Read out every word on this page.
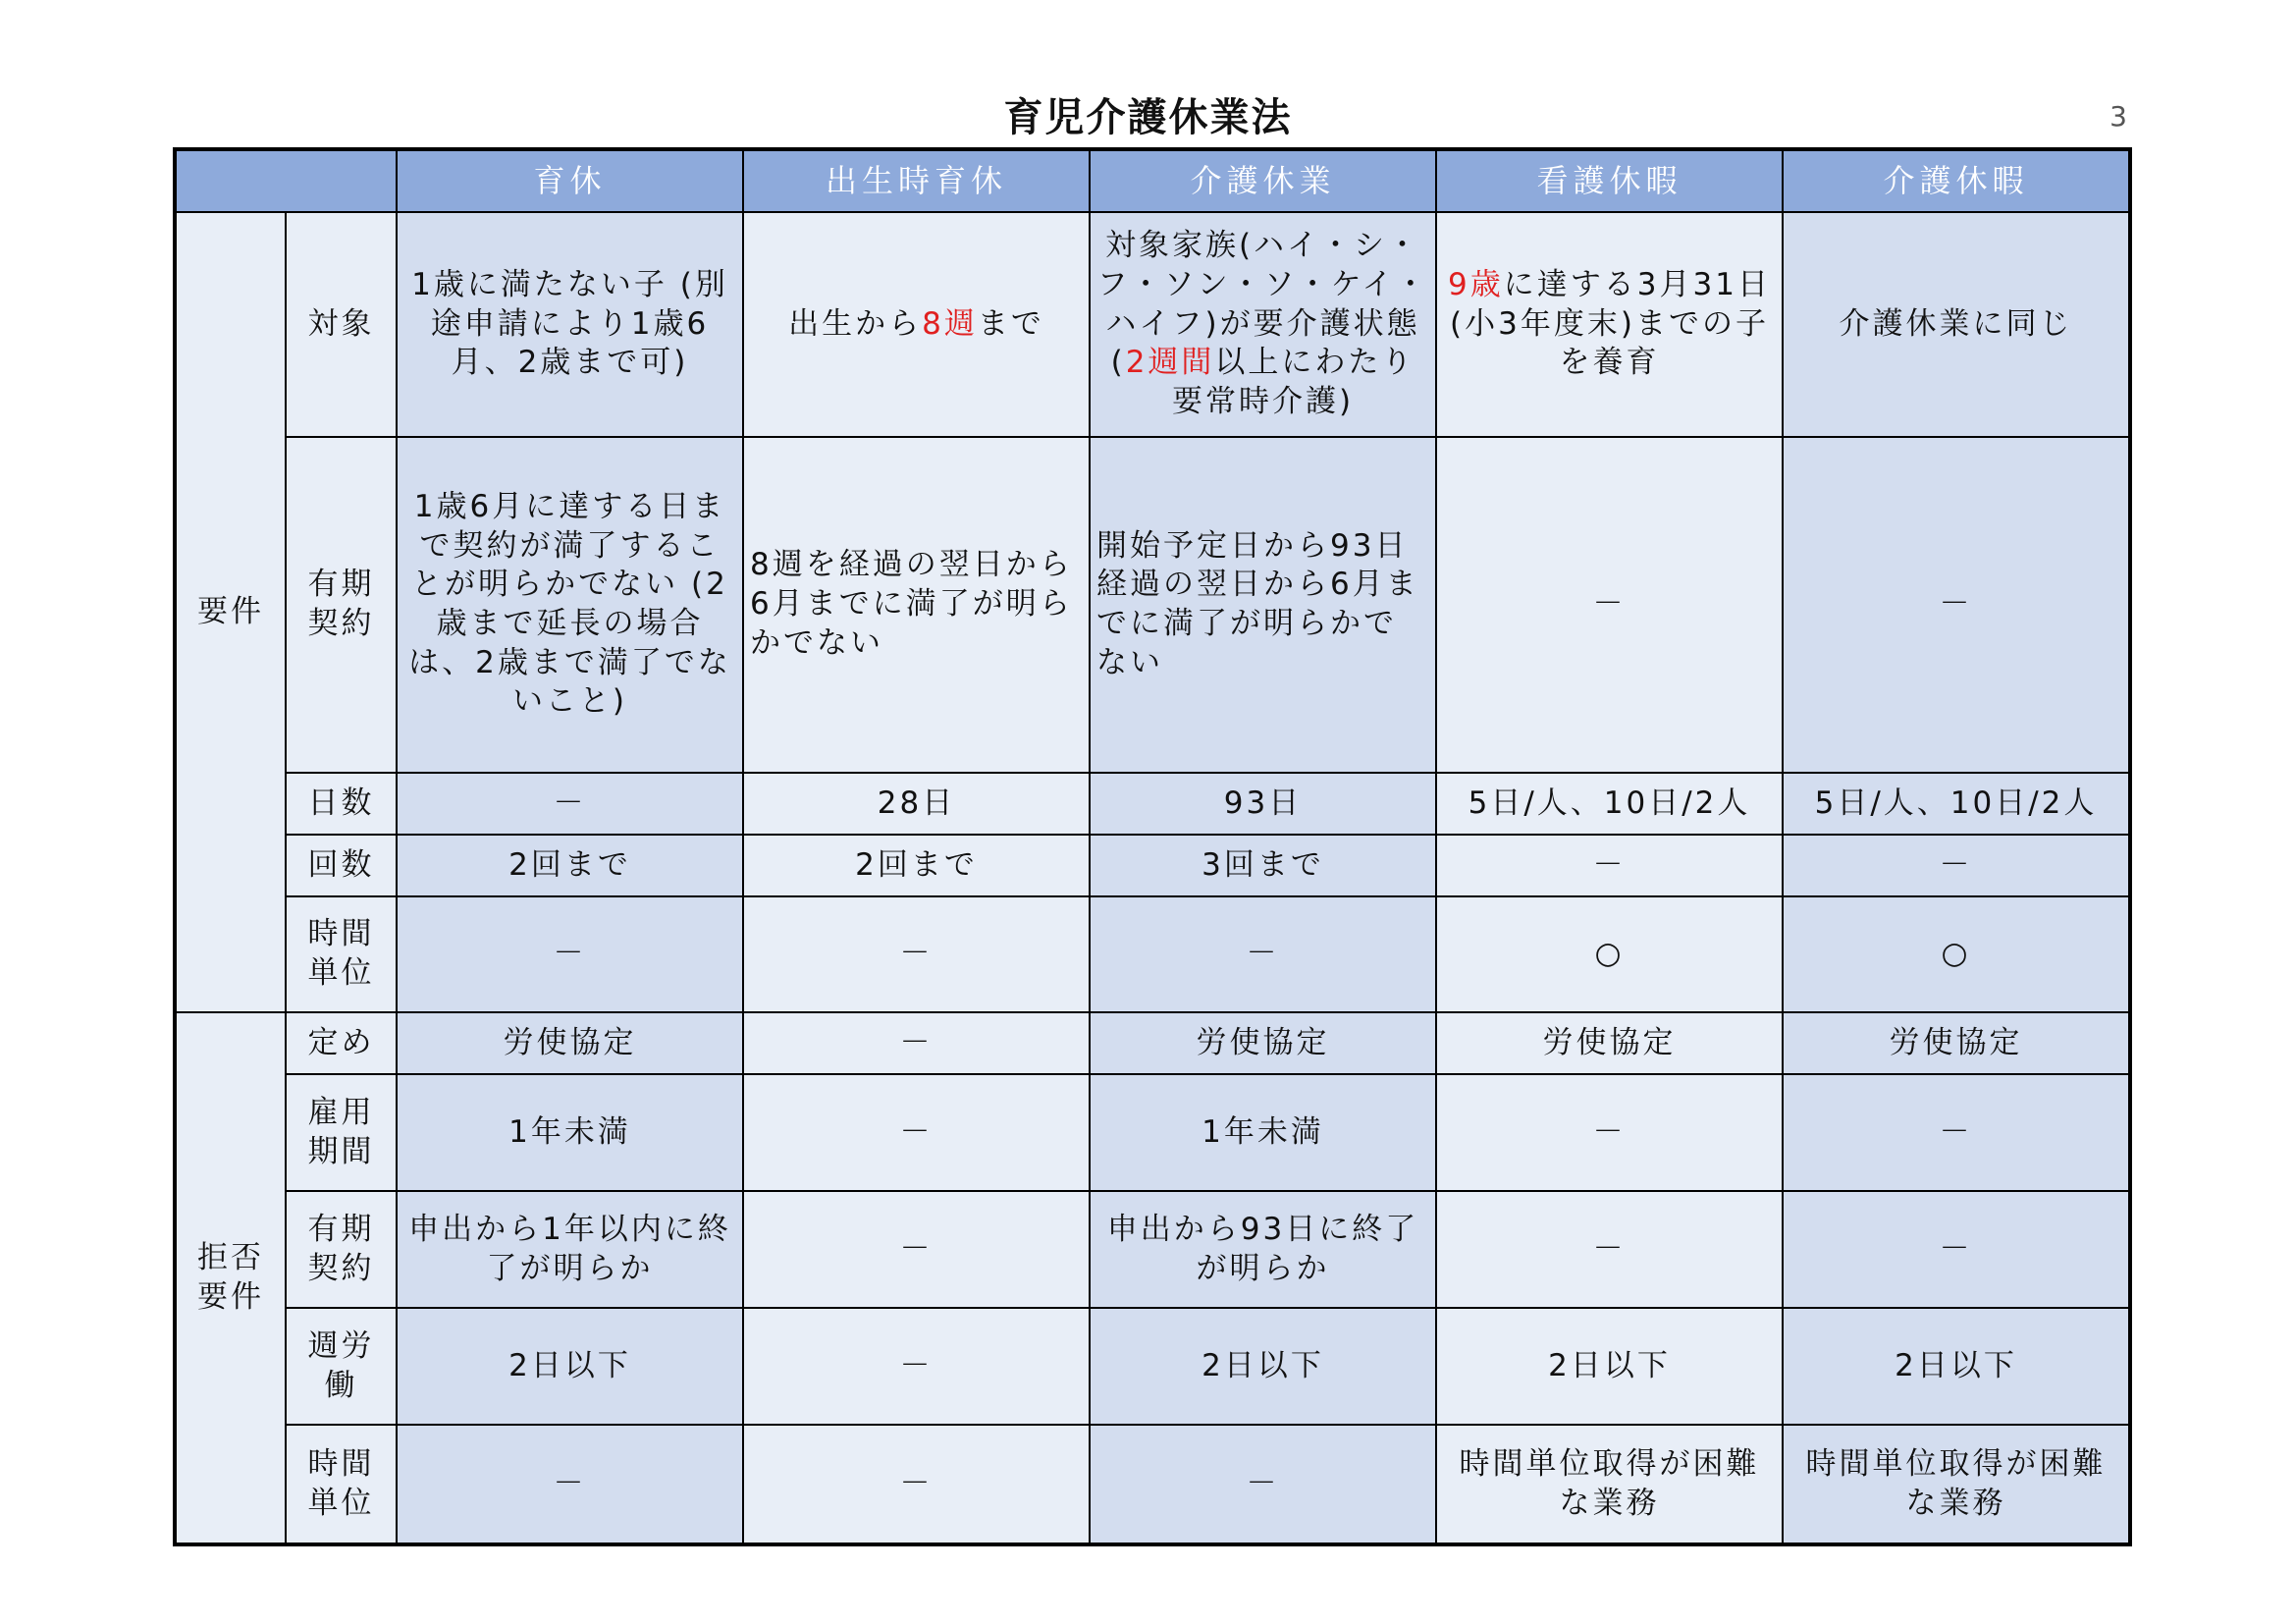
育児介護休業法	3
		育休	出生時育休	介護休業	看護休暇	介護休暇
要件	対象	1歳に満たない子 (別途申請により1歳6月、2歳まで可)	出生から8週まで	対象家族(ハイ・シ・フ・ソン・ソ・ケイ・ハイフ)が要介護状態(2週間以上にわたり要常時介護)	9歳に達する3月31日(小3年度末)までの子を養育	介護休業に同じ
	有期契約	1歳6月に達する日まで契約が満了することが明らかでない (2歳まで延長の場合は、2歳まで満了でないこと)	8週を経過の翌日から6月までに満了が明らかでない	開始予定日から93日経過の翌日から6月までに満了が明らかでない	－	－
	日数	－	28日	93日	5日/人、10日/2人	5日/人、10日/2人
	回数	2回まで	2回まで	3回まで	－	－
	時間単位	－	－	－	○	○
拒否要件	定め	労使協定	－	労使協定	労使協定	労使協定
	雇用期間	1年未満	－	1年未満	－	－
	有期契約	申出から1年以内に終了が明らか	－	申出から93日に終了が明らか	－	－
	週労働	2日以下	－	2日以下	2日以下	2日以下
	時間単位	－	－	－	時間単位取得が困難な業務	時間単位取得が困難な業務
